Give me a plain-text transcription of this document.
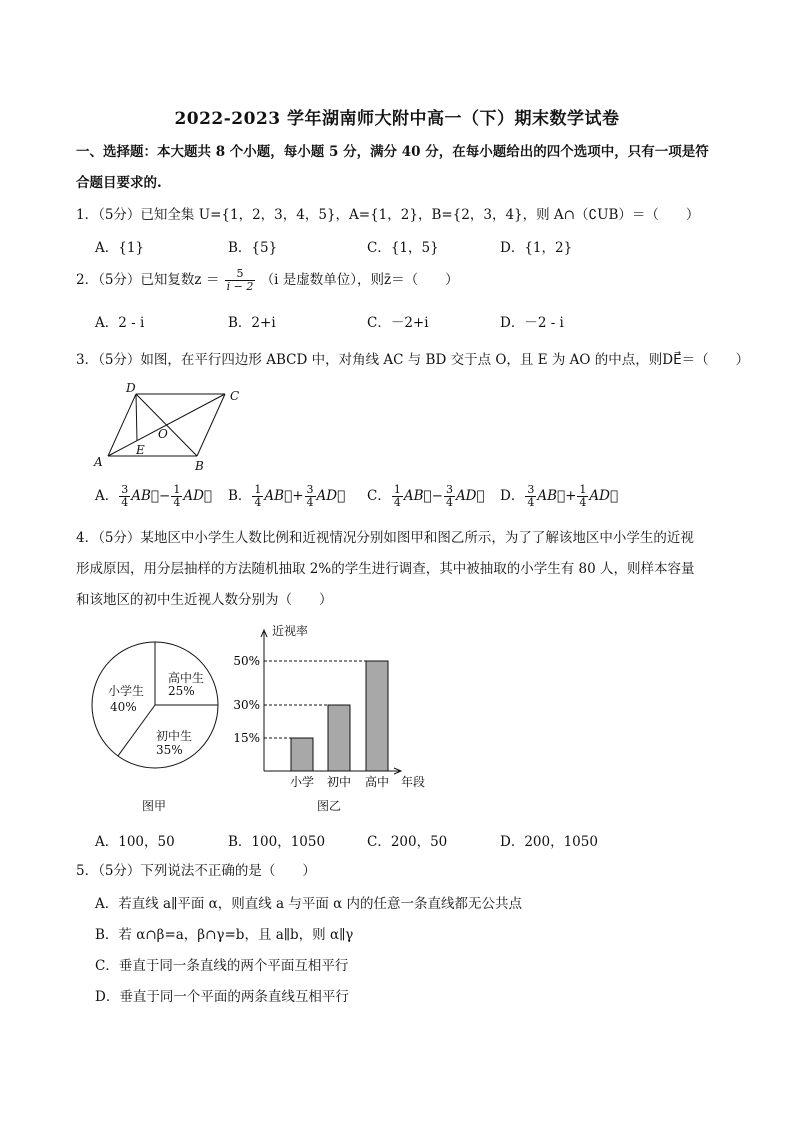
2022-2023 学年湖南师大附中高一（下）期末数学试卷
一、选择题：本大题共 8 个小题，每小题 5 分，满分 40 分，在每小题给出的四个选项中，只有一项是符
合题目要求的.
1．（5分）已知全集 U={1，2，3，4，5}，A={1，2}，B={2，3，4}，则 A∩（∁UB）＝（　　）
A．{1}	B．{5}	C．{1，5}	D．{1，2}
2．（5分）已知复数$z = \frac{5}{i - 2} (i$ 是虚数单位），则z̄＝（　　）
A．2 - i	B．2+i	C．－2+i	D．－2 - i
3．（5分）如图，在平行四边形 ABCD 中，对角线 AC 与 BD 交于点 O，且 E 为 AO 的中点，则DE⃗＝（　　）
A	B
C
D
E
O
A． $\frac{3}{4}$ AB⃗− $\frac{1}{4}$ AD⃗ B． $\frac{1}{4}$ AB⃗+ $\frac{3}{4}$ AD⃗ C． $\frac{1}{4}$ AB⃗− $\frac{3}{4}$ AD⃗ D． $\frac{3}{4}$ AB⃗+ $\frac{1}{4}$ AD⃗
4．（5分）某地区中小学生人数比例和近视情况分别如图甲和图乙所示，为了了解该地区中小学生的近视
形成原因，用分层抽样的方法随机抽取 2%的学生进行调查，其中被抽取的小学生有 80 人，则样本容量
和该地区的初中生近视人数分别为（　　）
小学生
40%
高中生
25%
初中生
35%
图甲
15%
小学
30%
初中
50%
高中
近视率
年段
图乙
A．100，50	B．100，1050	C．200，50	D．200，1050
5．（5分）下列说法不正确的是（　　）
A．若直线 a∥平面 α，则直线 a 与平面 α 内的任意一条直线都无公共点
B．若 α∩β=a，β∩γ=b，且 a∥b，则 α∥γ
C．垂直于同一条直线的两个平面互相平行
D．垂直于同一个平面的两条直线互相平行
